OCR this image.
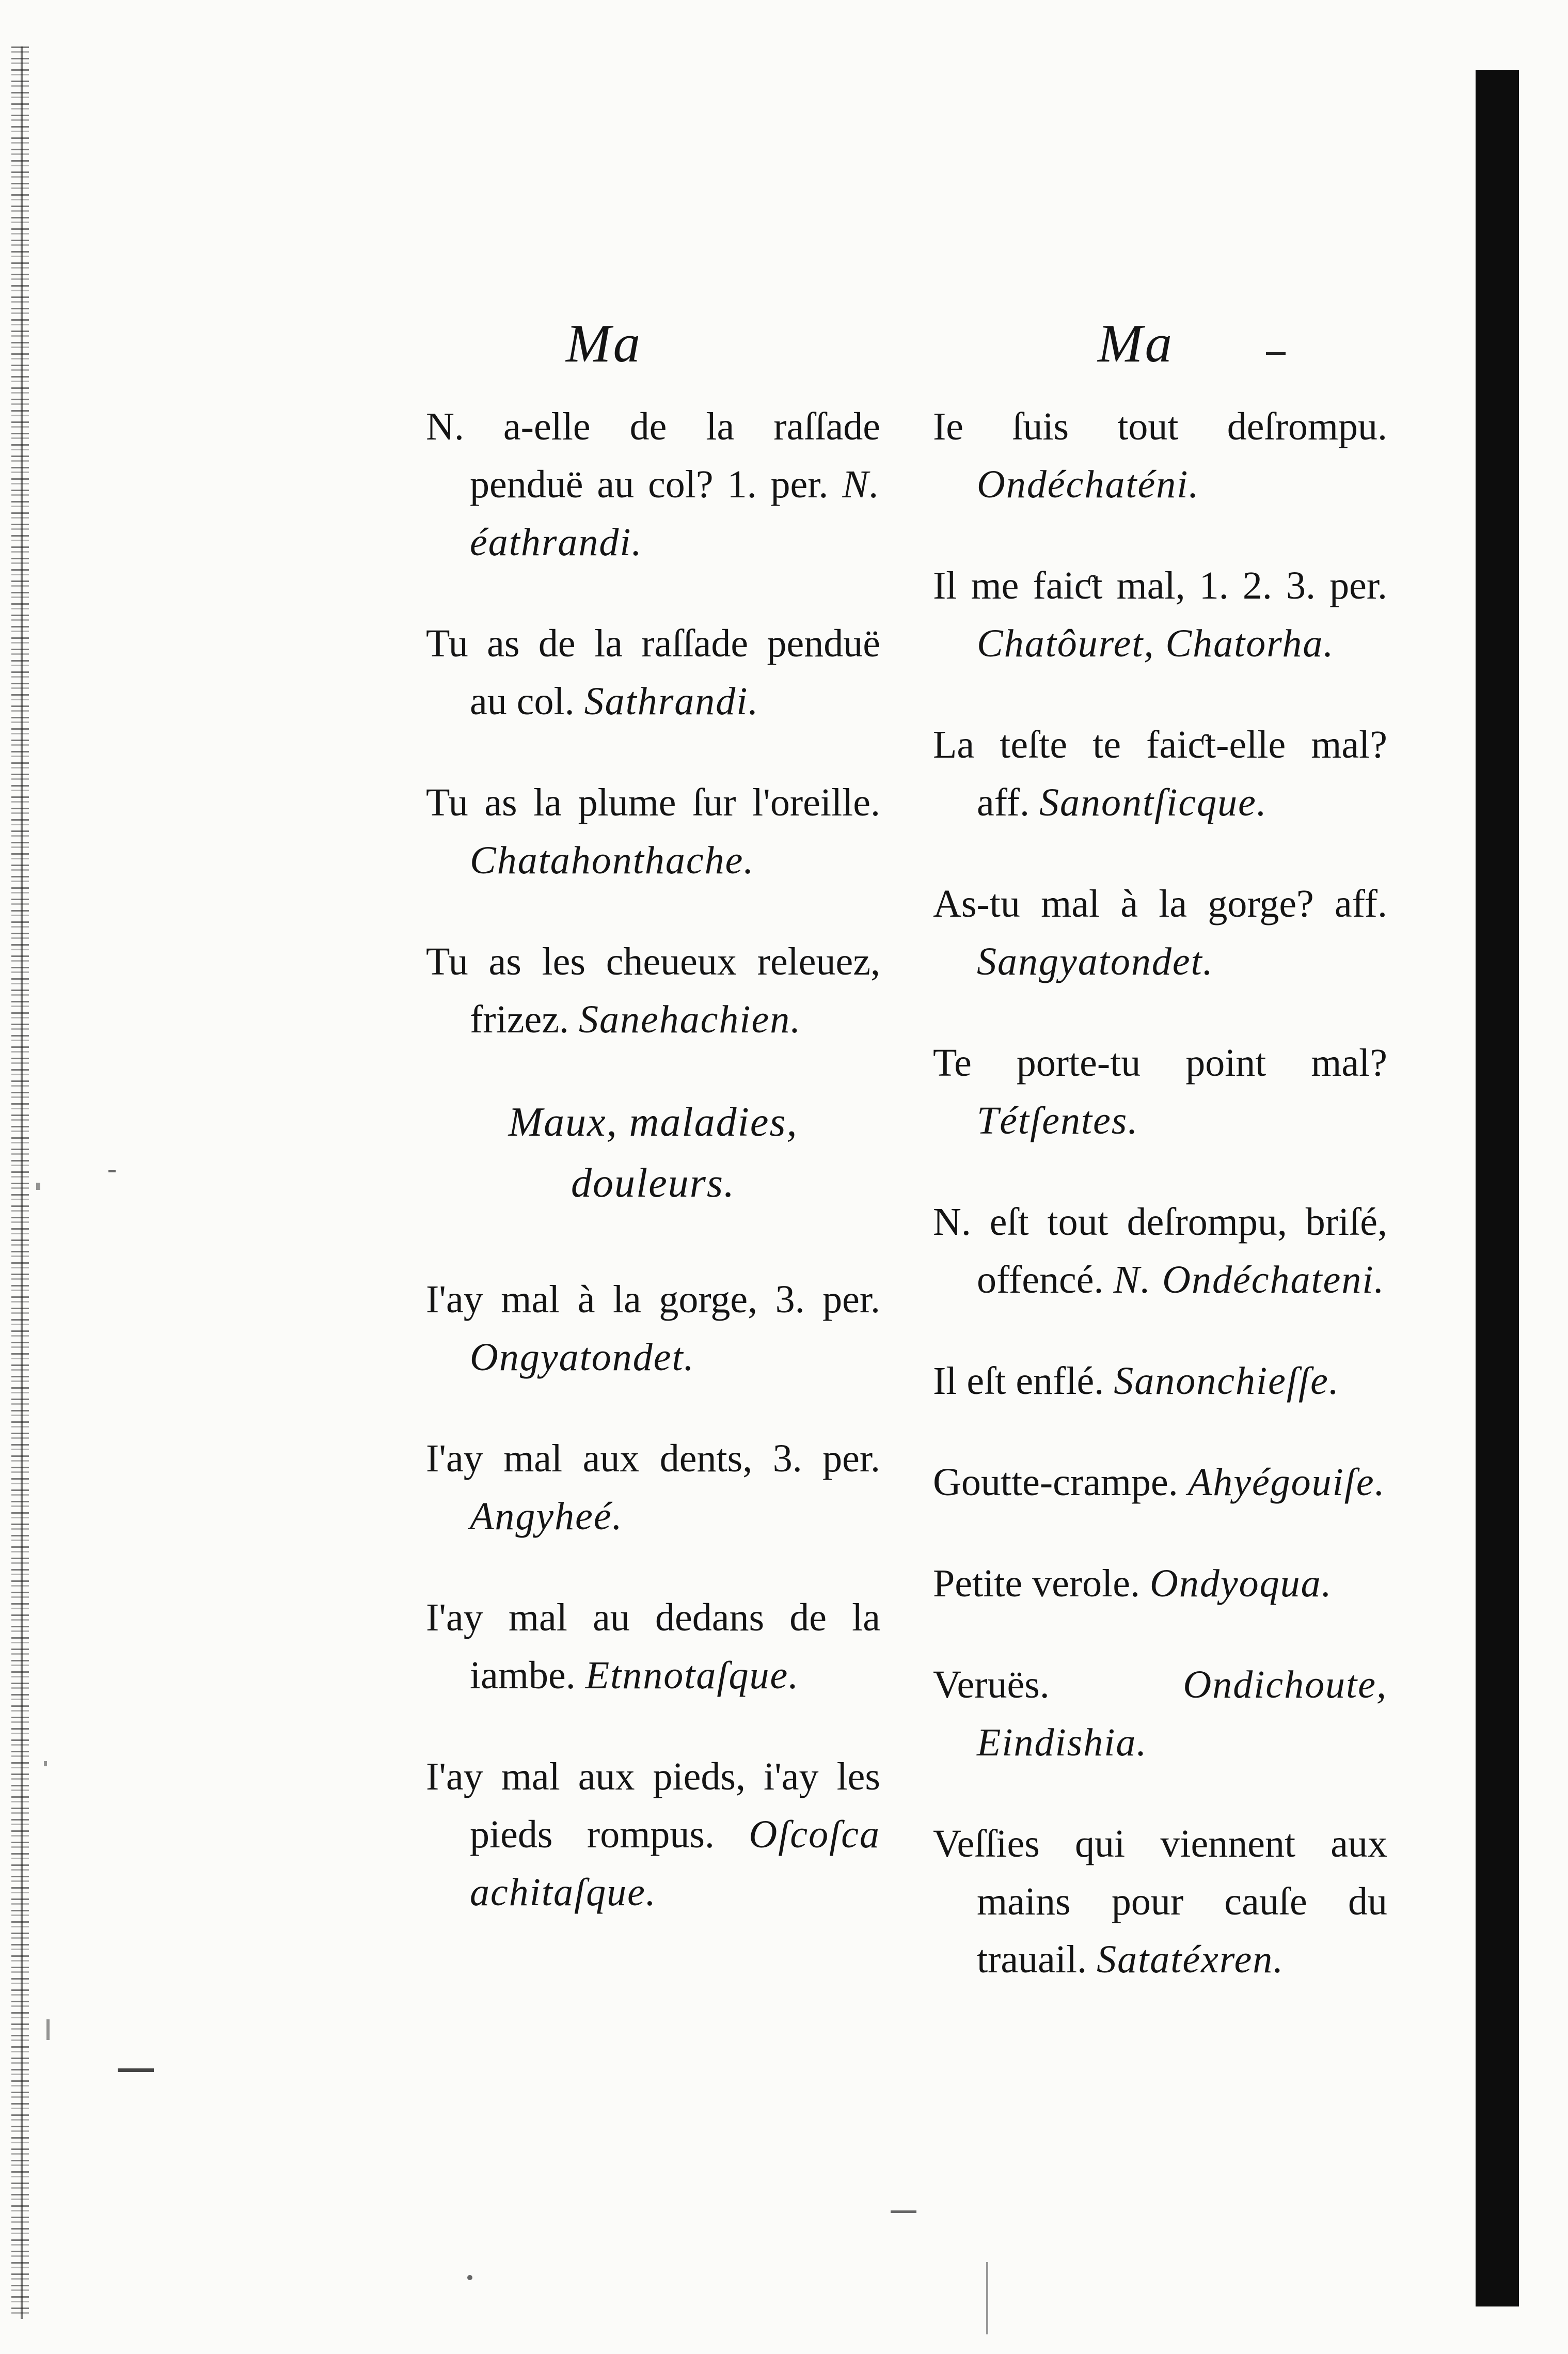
Ma	Ma

N. a-elle de la raſſade penduë au col? 1. per. N. éathrandi.

Tu as de la raſſade penduë au col. Sathrandi.

Tu as la plume ſur l'oreille. Chatahonthache.

Tu as les cheueux releuez, frizez. Sanehachien.

Maux, maladies, douleurs.

I'ay mal à la gorge, 3. per. Ongyatondet.

I'ay mal aux dents, 3. per. Angyheé.

I'ay mal au dedans de la iambe. Etnnotaſque.

I'ay mal aux pieds, i'ay les pieds rompus. Oſcoſca achitaſque.

Ie ſuis tout deſrompu. Ondéchaténi.

Il me faiƈt mal, 1. 2. 3. per. Chatôuret, Chatorha.

La teſte te faiƈt-elle mal? aff. Sanontſicque.

As-tu mal à la gorge? aff. Sangyatondet.

Te porte-tu point mal? Tétſentes.

N. eſt tout deſrompu, briſé, offencé. N. Ondéchateni.

Il eſt enflé. Sanonchieſſe.

Goutte-crampe. Ahyégouiſe.

Petite verole. Ondyoqua.

Veruës.	Ondichoute, Eindishia.

Veſſies qui viennent aux mains pour cauſe du trauail. Satatéxren.
